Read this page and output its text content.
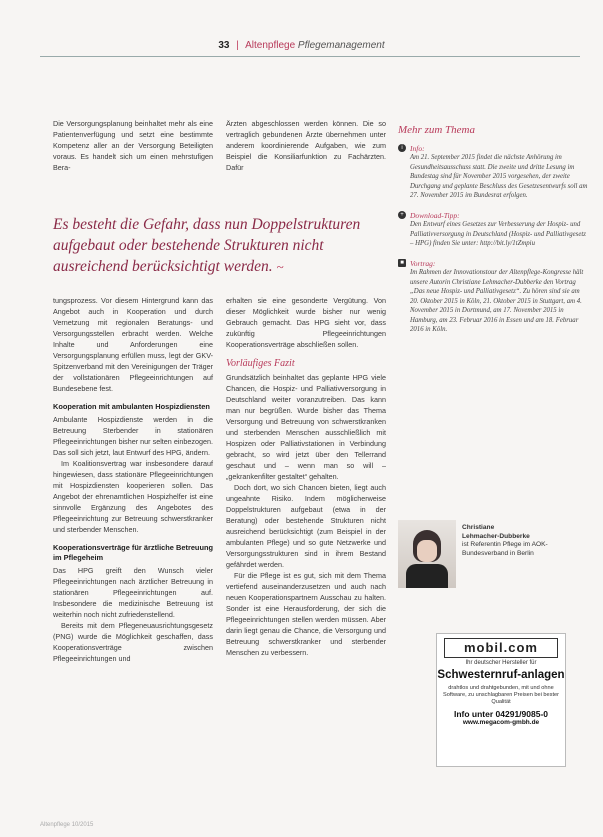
33 | Altenpflege Pflegemanagement

Die Versorgungsplanung beinhaltet mehr als eine Patientenverfügung und setzt eine bestimmte Kompetenz aller an der Versorgung Beteiligten voraus. Es handelt sich um einen mehrstufigen Bera-

Ärzten abgeschlossen werden können. Die so vertraglich gebundenen Ärzte übernehmen unter anderem koordinierende Aufgaben, wie zum Beispiel die Konsiliarfunktion zu Fachärzten. Dafür

Es besteht die Gefahr, dass nun Doppelstrukturen aufgebaut oder bestehende Strukturen nicht ausreichend berücksichtigt werden. ~

tungsprozess. Vor diesem Hintergrund kann das Angebot auch in Kooperation und durch Vernetzung mit regionalen Beratungs- und Versorgungsstellen erbracht werden. Welche Inhalte und Anforderungen eine Versorgungsplanung erfüllen muss, legt der GKV-Spitzenverband mit den Vereinigungen der Träger der vollstationären Pflegeeinrichtungen auf Bundesebene fest.

Kooperation mit ambulanten Hospizdiensten

Ambulante Hospizdienste werden in die Betreuung Sterbender in stationären Pflegeeinrichtungen bisher nur selten einbezogen. Das soll sich jetzt, laut Entwurf des HPG, ändern.

Im Koalitionsvertrag war insbesondere darauf hingewiesen, dass stationäre Pflegeeinrichtungen mit Hospizdiensten kooperieren sollen. Das Angebot der ehrenamtlichen Hospizhelfer ist eine sinnvolle Ergänzung des Angebotes des Pflegeeinrichtung zur Betreuung schwerstkranker und sterbender Menschen.

Kooperationsverträge für ärztliche Betreuung im Pflegeheim

Das HPG greift den Wunsch vieler Pflegeeinrichtungen nach ärztlicher Betreuung in stationären Pflegeeinrichtungen auf. Insbesondere die medizinische Betreuung ist weiterhin noch nicht zufriedenstellend.

Bereits mit dem Pflegeneuausrichtungsgesetz (PNG) wurde die Möglichkeit geschaffen, dass Kooperationsverträge zwischen Pflegeeinrichtungen und

erhalten sie eine gesonderte Vergütung. Von dieser Möglichkeit wurde bisher nur wenig Gebrauch gemacht. Das HPG sieht vor, dass zukünftig Pflegeeinrichtungen Kooperationsverträge abschließen sollen.

Vorläufiges Fazit

Grundsätzlich beinhaltet das geplante HPG viele Chancen, die Hospiz- und Palliativversorgung in Deutschland weiter voranzutreiben. Das kann man nur begrüßen. Wurde bisher das Thema Versorgung und Betreuung von schwerstkranken und sterbenden Menschen ausschließlich mit Hospizen oder Palliativstationen in Verbindung gebracht, so wird jetzt über den Tellerrand geschaut und – wenn man so will – „gekrankenfilter gestaltet“ gehalten.

Doch dort, wo sich Chancen bieten, liegt auch ungeahnte Risiko. Indem möglicherweise Doppelstrukturen aufgebaut (etwa in der Beratung) oder bestehende Strukturen nicht ausreichend berücksichtigt (zum Beispiel in der ambulanten Pflege) und so gute Netzwerke und Versorgungsstrukturen sind in ihrem Bestand gefährdet werden.

Für die Pflege ist es gut, sich mit dem Thema vertiefend auseinanderzusetzen und auch nach neuen Kooperationspartnern Ausschau zu halten. Sonder ist eine Herausforderung, der sich die Pflegeeinrichtungen stellen werden müssen. Aber darin liegt genau die Chance, die Versorgung und Betreuung schwerstkranker und sterbender Menschen zu verbessern.

Mehr zum Thema
i Info:
Am 21. September 2015 findet die nächste Anhörung im Gesundheitsausschuss statt. Die zweite und dritte Lesung im Bundestag sind für November 2015 vorgesehen, der zweite Durchgang und geplante Beschluss des Gesetzesentwurfs soll am 27. November 2015 im Bundesrat erfolgen.
+ Download-Tipp:
Den Entwurf eines Gesetzes zur Verbesserung der Hospiz- und Palliativversorgung in Deutschland (Hospiz- und Palliativgesetz – HPG) finden Sie unter: http://bit.ly/1tZmpiu
■ Vortrag:
Im Rahmen der Innovationstour der Altenpflege-Kongresse hält unsere Autorin Christiane Lehmacher-Dubberke den Vortrag „Das neue Hospiz- und Palliativgesetz“. Zu hören sind sie am 20. Oktober 2015 in Köln, 21. Oktober 2015 in Stuttgart, am 4. November 2015 in Dortmund, am 17. November 2015 in Hamburg, am 23. Februar 2016 in Essen und am 18. Februar 2016 in Köln.
Christiane
Lehmacher-Dubberke
ist Referentin Pflege im AOK-Bundesverband in Berlin
mobil.com
Ihr deutscher Hersteller für
Schwesternruf-anlagen
drahtlos und drahtgebunden, mit und ohne Software, zu unschlagbaren Preisen bei bester Qualität
Info unter 04291/9085-0
www.megacom-gmbh.de
Altenpflege 10/2015
